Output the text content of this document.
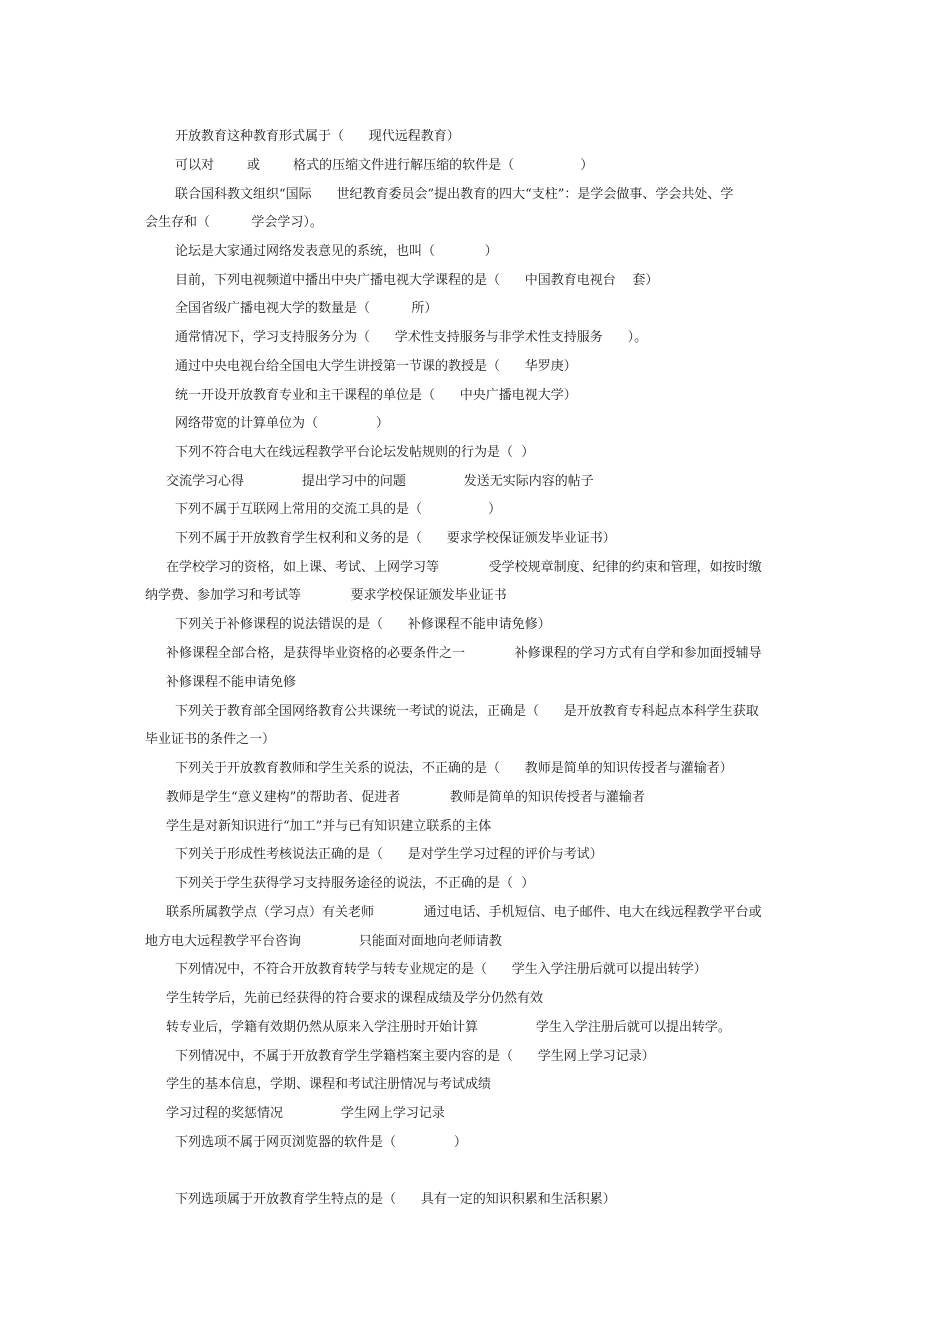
开放教育这种教育形式属于（      现代远程教育）
可以对        或        格式的压缩文件进行解压缩的软件是（                ）
联合国科教文组织“国际      世纪教育委员会”提出教育的四大“支柱”：是学会做事、学会共处、学
会生存和（          学会学习）。
论坛是大家通过网络发表意见的系统，也叫（            ）
目前，下列电视频道中播出中央广播电视大学课程的是（      中国教育电视台    套）
全国省级广播电视大学的数量是（          所）
通常情况下，学习支持服务分为（      学术性支持服务与非学术性支持服务      ）。
通过中央电视台给全国电大学生讲授第一节课的教授是（      华罗庚）
统一开设开放教育专业和主干课程的单位是（      中央广播电视大学）
网络带宽的计算单位为（              ）
下列不符合电大在线远程教学平台论坛发帖规则的行为是（  ）
交流学习心得              提出学习中的问题              发送无实际内容的帖子
下列不属于互联网上常用的交流工具的是（                ）
下列不属于开放教育学生权利和义务的是（      要求学校保证颁发毕业证书）
在学校学习的资格，如上课、考试、上网学习等            受学校规章制度、纪律的约束和管理，如按时缴
纳学费、参加学习和考试等            要求学校保证颁发毕业证书
下列关于补修课程的说法错误的是（      补修课程不能申请免修）
补修课程全部合格，是获得毕业资格的必要条件之一            补修课程的学习方式有自学和参加面授辅导
补修课程不能申请免修
下列关于教育部全国网络教育公共课统一考试的说法，正确是（      是开放教育专科起点本科学生获取
毕业证书的条件之一）
下列关于开放教育教师和学生关系的说法，不正确的是（      教师是简单的知识传授者与灌输者）
教师是学生“意义建构”的帮助者、促进者            教师是简单的知识传授者与灌输者
学生是对新知识进行“加工”并与已有知识建立联系的主体
下列关于形成性考核说法正确的是（      是对学生学习过程的评价与考试）
下列关于学生获得学习支持服务途径的说法，不正确的是（  ）
联系所属教学点（学习点）有关老师            通过电话、手机短信、电子邮件、电大在线远程教学平台或
地方电大远程教学平台咨询              只能面对面地向老师请教
下列情况中，不符合开放教育转学与转专业规定的是（      学生入学注册后就可以提出转学）
学生转学后，先前已经获得的符合要求的课程成绩及学分仍然有效
转专业后，学籍有效期仍然从原来入学注册时开始计算              学生入学注册后就可以提出转学。
下列情况中，不属于开放教育学生学籍档案主要内容的是（      学生网上学习记录）
学生的基本信息，学期、课程和考试注册情况与考试成绩
学习过程的奖惩情况              学生网上学习记录
下列选项不属于网页浏览器的软件是（              ）
下列选项属于开放教育学生特点的是（      具有一定的知识积累和生活积累）
